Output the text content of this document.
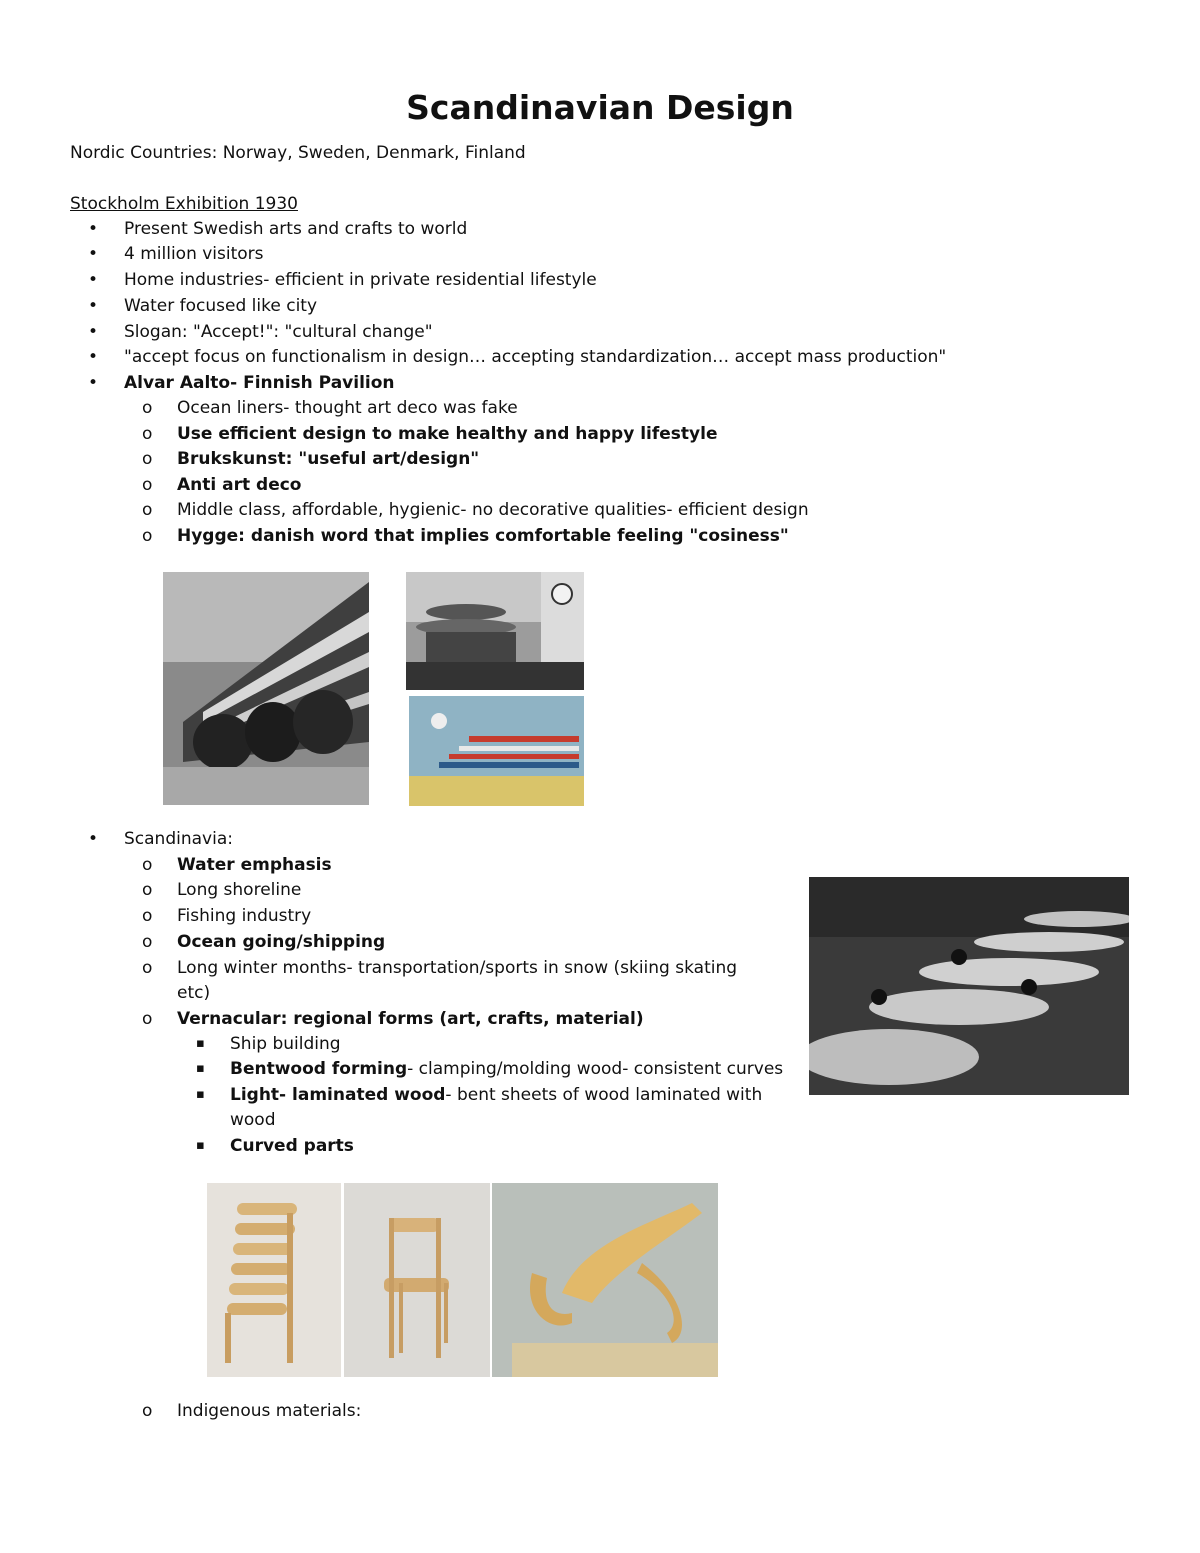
Scandinavian Design
Nordic Countries: Norway, Sweden, Denmark, Finland
Stockholm Exhibition 1930
• Present Swedish arts and crafts to world
• 4 million visitors
• Home industries- efficient in private residential lifestyle
• Water focused like city
• Slogan: "Accept!": "cultural change"
• "accept focus on functionalism in design… accepting standardization… accept mass production"
• Alvar Aalto- Finnish Pavilion
o Ocean liners- thought art deco was fake
o Use efficient design to make healthy and happy lifestyle
o Brukskunst: "useful art/design"
o Anti art deco
o Middle class, affordable, hygienic- no decorative qualities- efficient design
o Hygge: danish word that implies comfortable feeling "cosiness"
• Scandinavia:
o Water emphasis
o Long shoreline
o Fishing industry
o Ocean going/shipping
o Long winter months- transportation/sports in snow (skiing skating
etc)
o Vernacular: regional forms (art, crafts, material)
▪ Ship building
▪ Bentwood forming- clamping/molding wood- consistent curves
▪ Light- laminated wood- bent sheets of wood laminated with
wood
▪ Curved parts
o Indigenous materials:
